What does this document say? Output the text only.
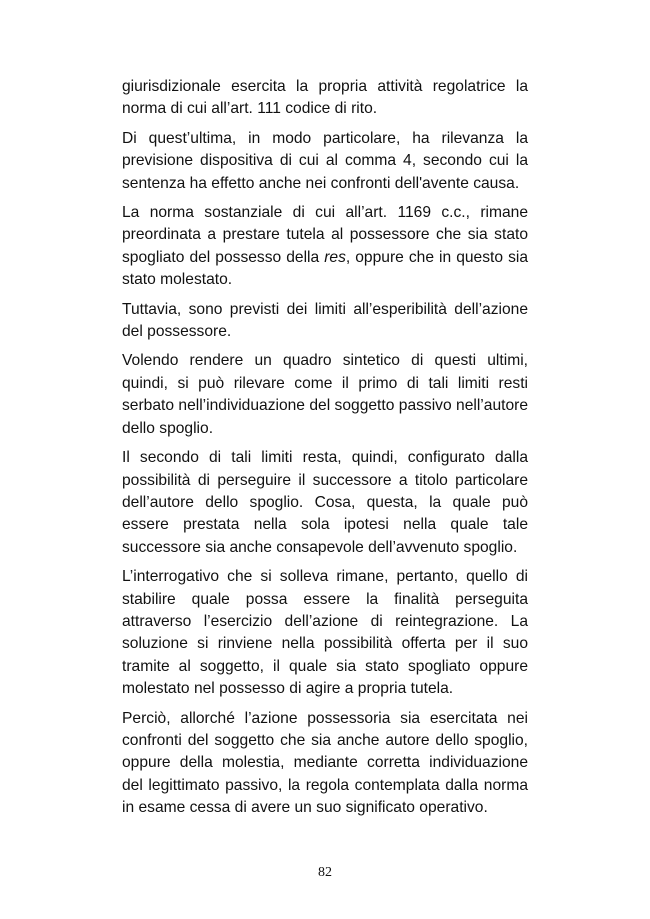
giurisdizionale esercita la propria attività regolatrice la norma di cui all’art. 111 codice di rito.

Di quest’ultima, in modo particolare, ha rilevanza la previsione dispositiva di cui al comma 4, secondo cui la sentenza ha effetto anche nei confronti dell'avente causa.

La norma sostanziale di cui all’art. 1169 c.c., rimane preordinata a prestare tutela al possessore che sia stato spogliato del possesso della res, oppure che in questo sia stato molestato.

Tuttavia, sono previsti dei limiti all’esperibilità dell’azione del possessore.

Volendo rendere un quadro sintetico di questi ultimi, quindi, si può rilevare come il primo di tali limiti resti serbato nell’individuazione del soggetto passivo nell’autore dello spoglio.

Il secondo di tali limiti resta, quindi, configurato dalla possibilità di perseguire il successore a titolo particolare dell’autore dello spoglio. Cosa, questa, la quale può essere prestata nella sola ipotesi nella quale tale successore sia anche consapevole dell’avvenuto spoglio.

L’interrogativo che si solleva rimane, pertanto, quello di stabilire quale possa essere la finalità perseguita attraverso l’esercizio dell’azione di reintegrazione. La soluzione si rinviene nella possibilità offerta per il suo tramite al soggetto, il quale sia stato spogliato oppure molestato nel possesso di agire a propria tutela.

Perciò, allorché l’azione possessoria sia esercitata nei confronti del soggetto che sia anche autore dello spoglio, oppure della molestia, mediante corretta individuazione del legittimato passivo, la regola contemplata dalla norma in esame cessa di avere un suo significato operativo.

82
